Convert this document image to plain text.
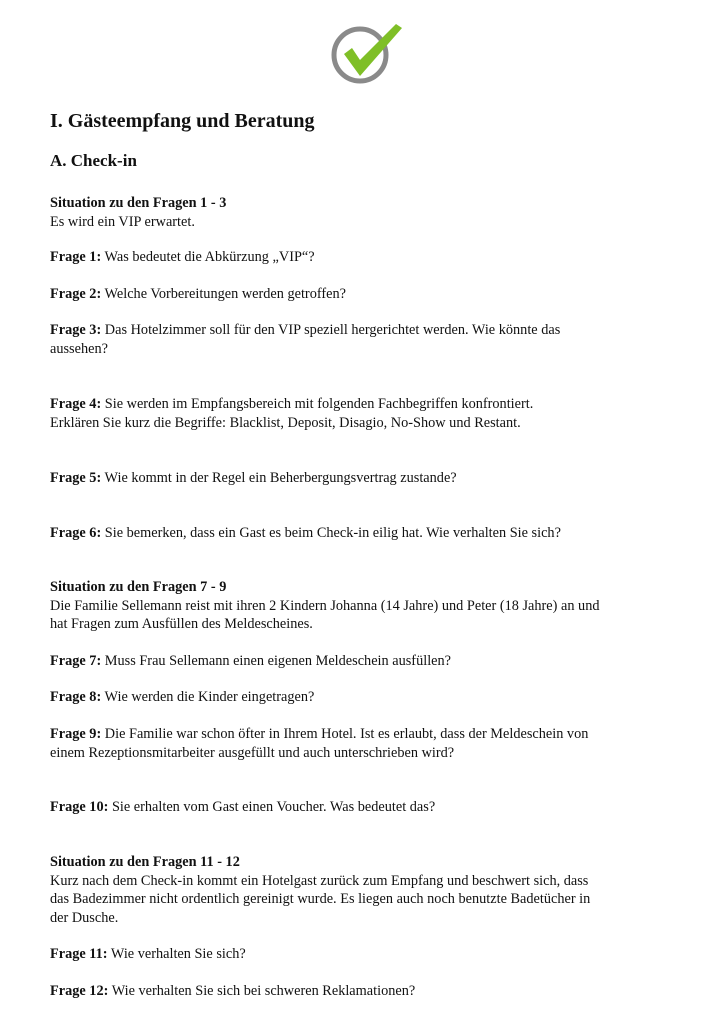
I. Gästeempfang und Beratung
A. Check-in
Situation zu den Fragen 1 - 3
Es wird ein VIP erwartet.
Frage 1: Was bedeutet die Abkürzung „VIP“?
Frage 2: Welche Vorbereitungen werden getroffen?
Frage 3: Das Hotelzimmer soll für den VIP speziell hergerichtet werden. Wie könnte das
aussehen?
Frage 4: Sie werden im Empfangsbereich mit folgenden Fachbegriffen konfrontiert.
Erklären Sie kurz die Begriffe: Blacklist, Deposit, Disagio, No-Show und Restant.
Frage 5: Wie kommt in der Regel ein Beherbergungsvertrag zustande?
Frage 6: Sie bemerken, dass ein Gast es beim Check-in eilig hat. Wie verhalten Sie sich?
Situation zu den Fragen 7 - 9
Die Familie Sellemann reist mit ihren 2 Kindern Johanna (14 Jahre) und Peter (18 Jahre) an und
hat Fragen zum Ausfüllen des Meldescheines.
Frage 7: Muss Frau Sellemann einen eigenen Meldeschein ausfüllen?
Frage 8: Wie werden die Kinder eingetragen?
Frage 9: Die Familie war schon öfter in Ihrem Hotel. Ist es erlaubt, dass der Meldeschein von
einem Rezeptionsmitarbeiter ausgefüllt und auch unterschrieben wird?
Frage 10: Sie erhalten vom Gast einen Voucher. Was bedeutet das?
Situation zu den Fragen 11 - 12
Kurz nach dem Check-in kommt ein Hotelgast zurück zum Empfang und beschwert sich, dass
das Badezimmer nicht ordentlich gereinigt wurde. Es liegen auch noch benutzte Badetücher in
der Dusche.
Frage 11: Wie verhalten Sie sich?
Frage 12: Wie verhalten Sie sich bei schweren Reklamationen?
